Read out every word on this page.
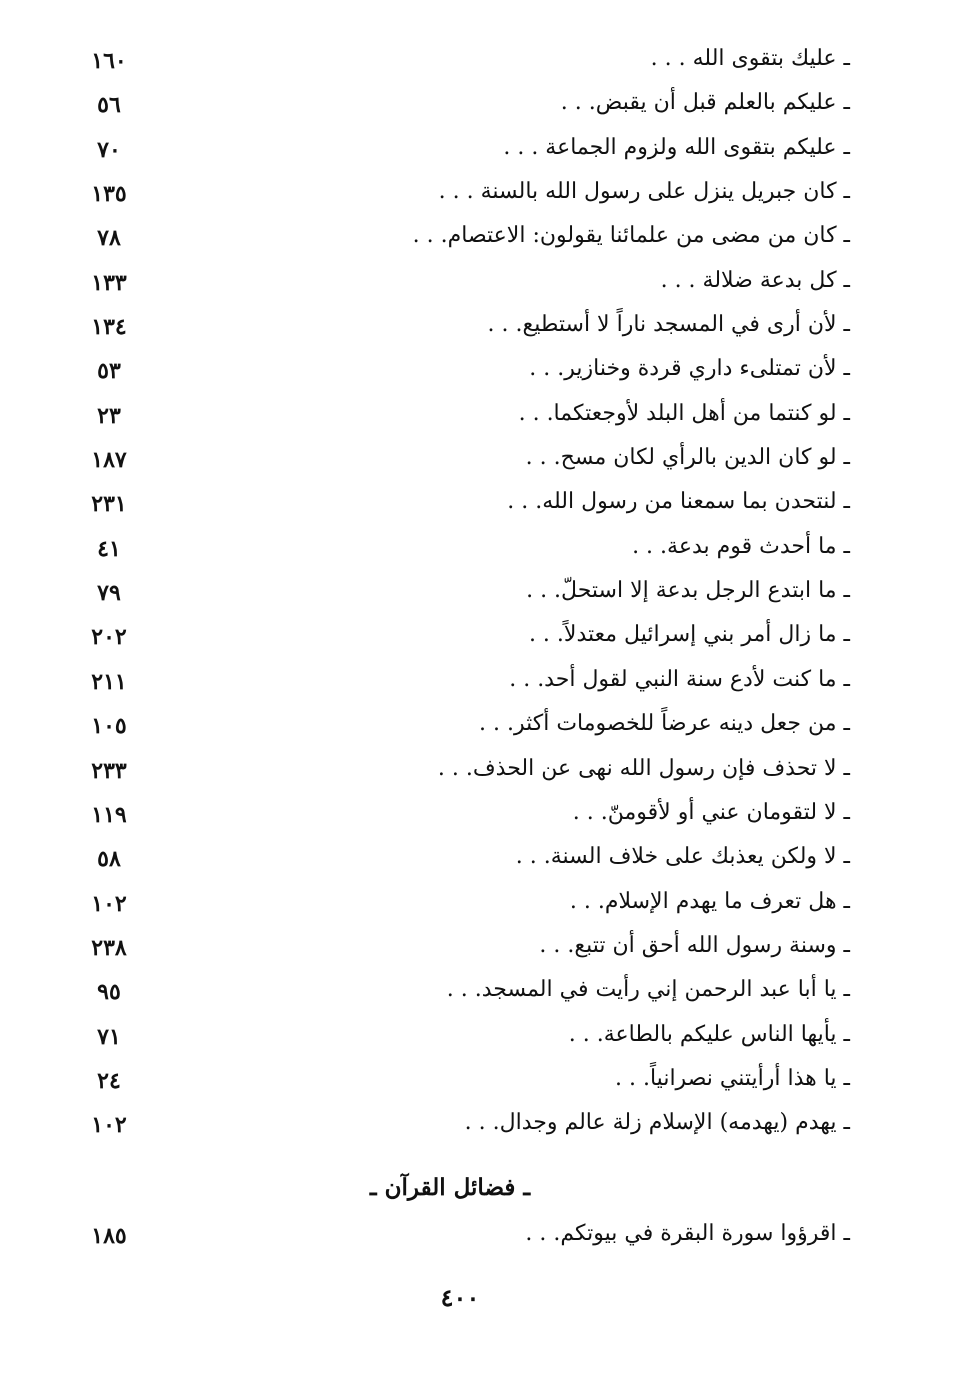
ـ عليك بتقوى الله . . .
١٦٠
ـ عليكم بالعلم قبل أن يقبض. . .
٥٦
ـ عليكم بتقوى الله ولزوم الجماعة . . .
٧٠
ـ كان جبريل ينزل على رسول الله بالسنة . . .
١٣٥
ـ كان من مضى من علمائنا يقولون: الاعتصام. . .
٧٨
ـ كل بدعة ضلالة . . .
١٣٣
ـ لأن أرى في المسجد ناراً لا أستطيع. . .
١٣٤
ـ لأن تمتلىء داري قردة وخنازير. . .
٥٣
ـ لو كنتما من أهل البلد لأوجعتكما. . .
٢٣
ـ لو كان الدين بالرأي لكان مسح. . .
١٨٧
ـ لنتحدن بما سمعنا من رسول الله. . .
٢٣١
ـ ما أحدث قوم بدعة. . .
٤١
ـ ما ابتدع الرجل بدعة إلا استحلّ. . .
٧٩
ـ ما زال أمر بني إسرائيل معتدلاً. . .
٢٠٢
ـ ما كنت لأدع سنة النبي لقول أحد. . .
٢١١
ـ من جعل دينه عرضاً للخصومات أكثر. . .
١٠٥
ـ لا تحذف فإن رسول الله نهى عن الحذف. . .
٢٣٣
ـ لا لتقومان عني أو لأقومنّ. . .
١١٩
ـ لا ولكن يعذبك على خلاف السنة. . .
٥٨
ـ هل تعرف ما يهدم الإسلام. . .
١٠٢
ـ وسنة رسول الله أحق أن تتبع. . .
٢٣٨
ـ يا أبا عبد الرحمن إني رأيت في المسجد. . .
٩٥
ـ يأيها الناس عليكم بالطاعة. . .
٧١
ـ يا هذا أرأيتني نصرانياً. . .
٢٤
ـ يهدم (يهدمه) الإسلام زلة عالم وجدال. . .
١٠٢
ـ فضائل القرآن ـ
ـ اقرؤوا سورة البقرة في بيوتكم. . .
١٨٥
٤٠٠
